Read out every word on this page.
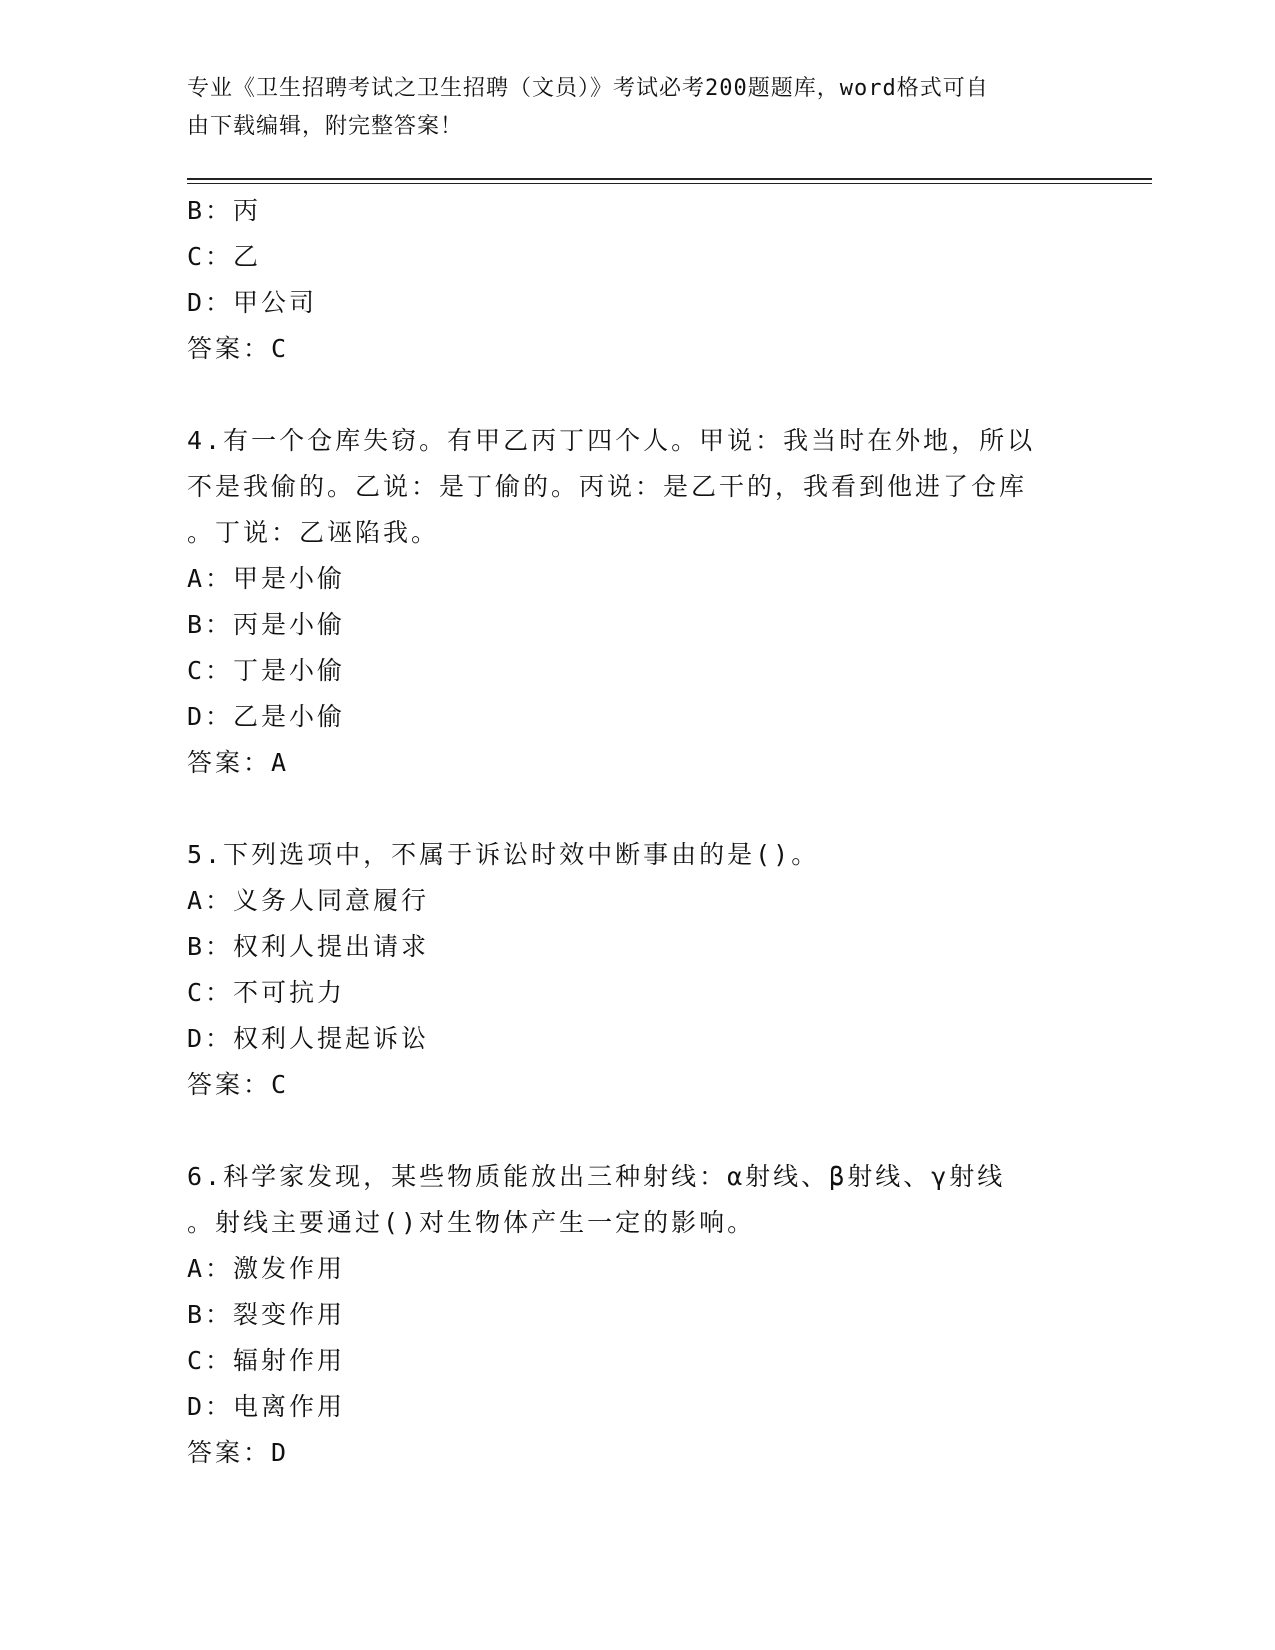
专业《卫生招聘考试之卫生招聘（文员）》考试必考200题题库，word格式可自
由下载编辑，附完整答案！
B：丙
C：乙
D：甲公司
答案：C
4.有一个仓库失窃。有甲乙丙丁四个人。甲说：我当时在外地，所以
不是我偷的。乙说：是丁偷的。丙说：是乙干的，我看到他进了仓库
。丁说：乙诬陷我。
A：甲是小偷
B：丙是小偷
C：丁是小偷
D：乙是小偷
答案：A
5.下列选项中，不属于诉讼时效中断事由的是()。
A：义务人同意履行
B：权利人提出请求
C：不可抗力
D：权利人提起诉讼
答案：C
6.科学家发现，某些物质能放出三种射线：α射线、β射线、γ射线
。射线主要通过()对生物体产生一定的影响。
A：激发作用
B：裂变作用
C：辐射作用
D：电离作用
答案：D
